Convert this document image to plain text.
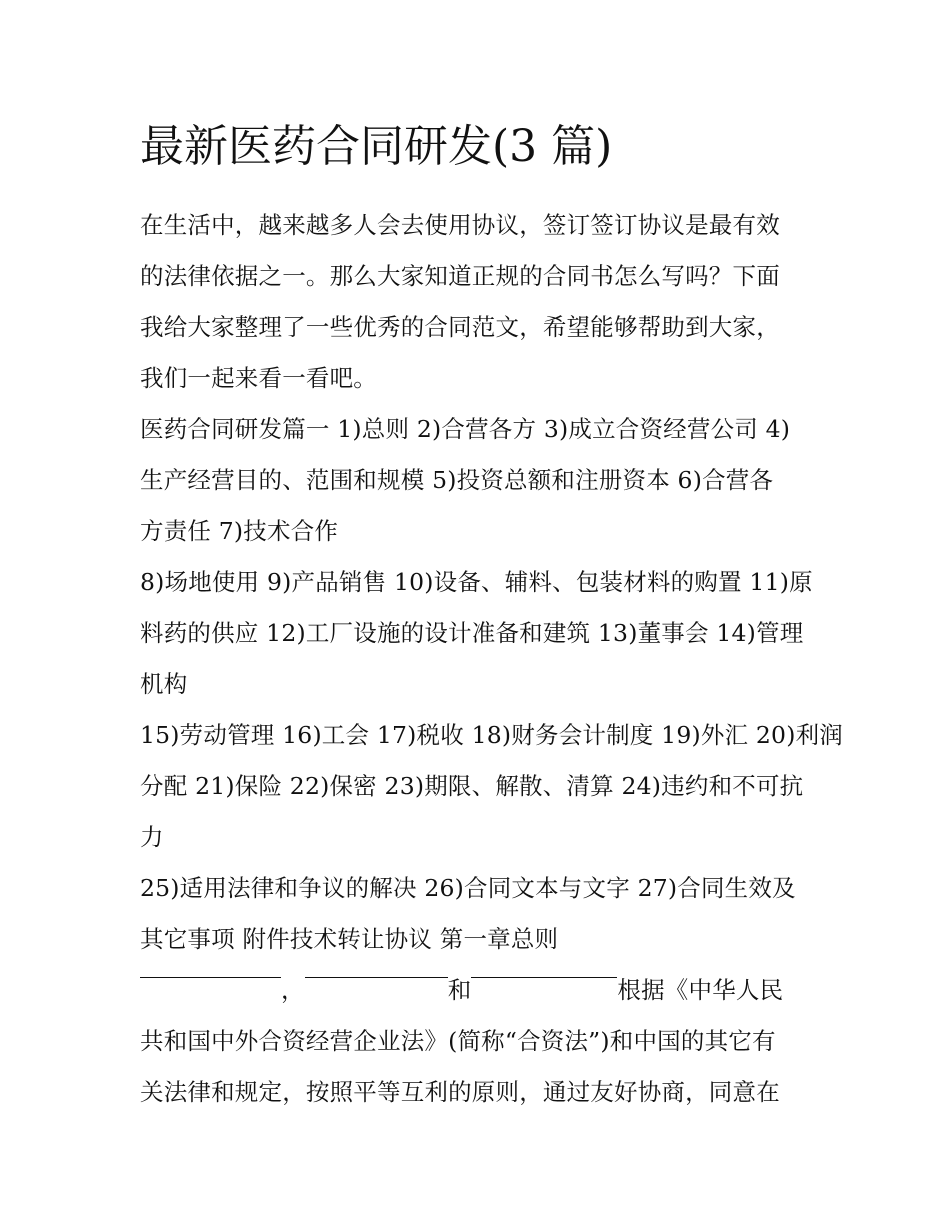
最新医药合同研发(3 篇)
在生活中，越来越多人会去使用协议，签订签订协议是最有效
的法律依据之一。那么大家知道正规的合同书怎么写吗？下面
我给大家整理了一些优秀的合同范文，希望能够帮助到大家，
我们一起来看一看吧。
医药合同研发篇一 1)总则 2)合营各方 3)成立合资经营公司 4)
生产经营目的、范围和规模 5)投资总额和注册资本 6)合营各
方责任 7)技术合作
8)场地使用 9)产品销售 10)设备、辅料、包装材料的购置 11)原
料药的供应 12)工厂设施的设计准备和建筑 13)董事会 14)管理
机构
15)劳动管理 16)工会 17)税收 18)财务会计制度 19)外汇 20)利润
分配 21)保险 22)保密 23)期限、解散、清算 24)违约和不可抗
力
25)适用法律和争议的解决 26)合同文本与文字 27)合同生效及
其它事项 附件技术转让协议 第一章总则
，	和	根据《中华人民
共和国中外合资经营企业法》(简称“合资法”)和中国的其它有
关法律和规定，按照平等互利的原则，通过友好协商，同意在
